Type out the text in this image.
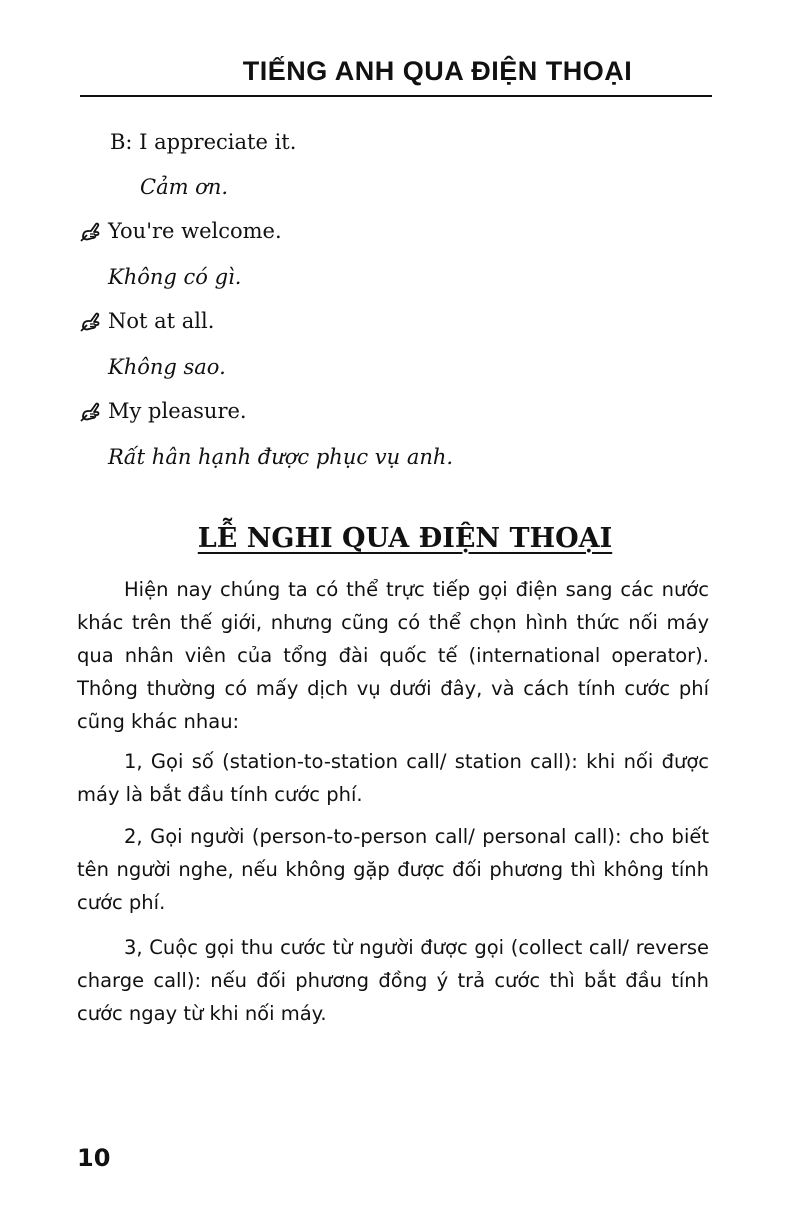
TIẾNG ANH QUA ĐIỆN THOẠI
B: I appreciate it.
Cảm ơn.
You're welcome.
Không có gì.
Not at all.
Không sao.
My pleasure.
Rất hân hạnh được phục vụ anh.
LỄ NGHI QUA ĐIỆN THOẠI

Hiện nay chúng ta có thể trực tiếp gọi điện sang các nước khác trên thế giới, nhưng cũng có thể chọn hình thức nối máy qua nhân viên của tổng đài quốc tế (international operator). Thông thường có mấy dịch vụ dưới đây, và cách tính cước phí cũng khác nhau:

1, Gọi số (station-to-station call/ station call): khi nối được máy là bắt đầu tính cước phí.

2, Gọi người (person-to-person call/ personal call): cho biết tên người nghe, nếu không gặp được đối phương thì không tính cước phí.

3, Cuộc gọi thu cước từ người được gọi (collect call/ reverse charge call): nếu đối phương đồng ý trả cước thì bắt đầu tính cước ngay từ khi nối máy.

10
